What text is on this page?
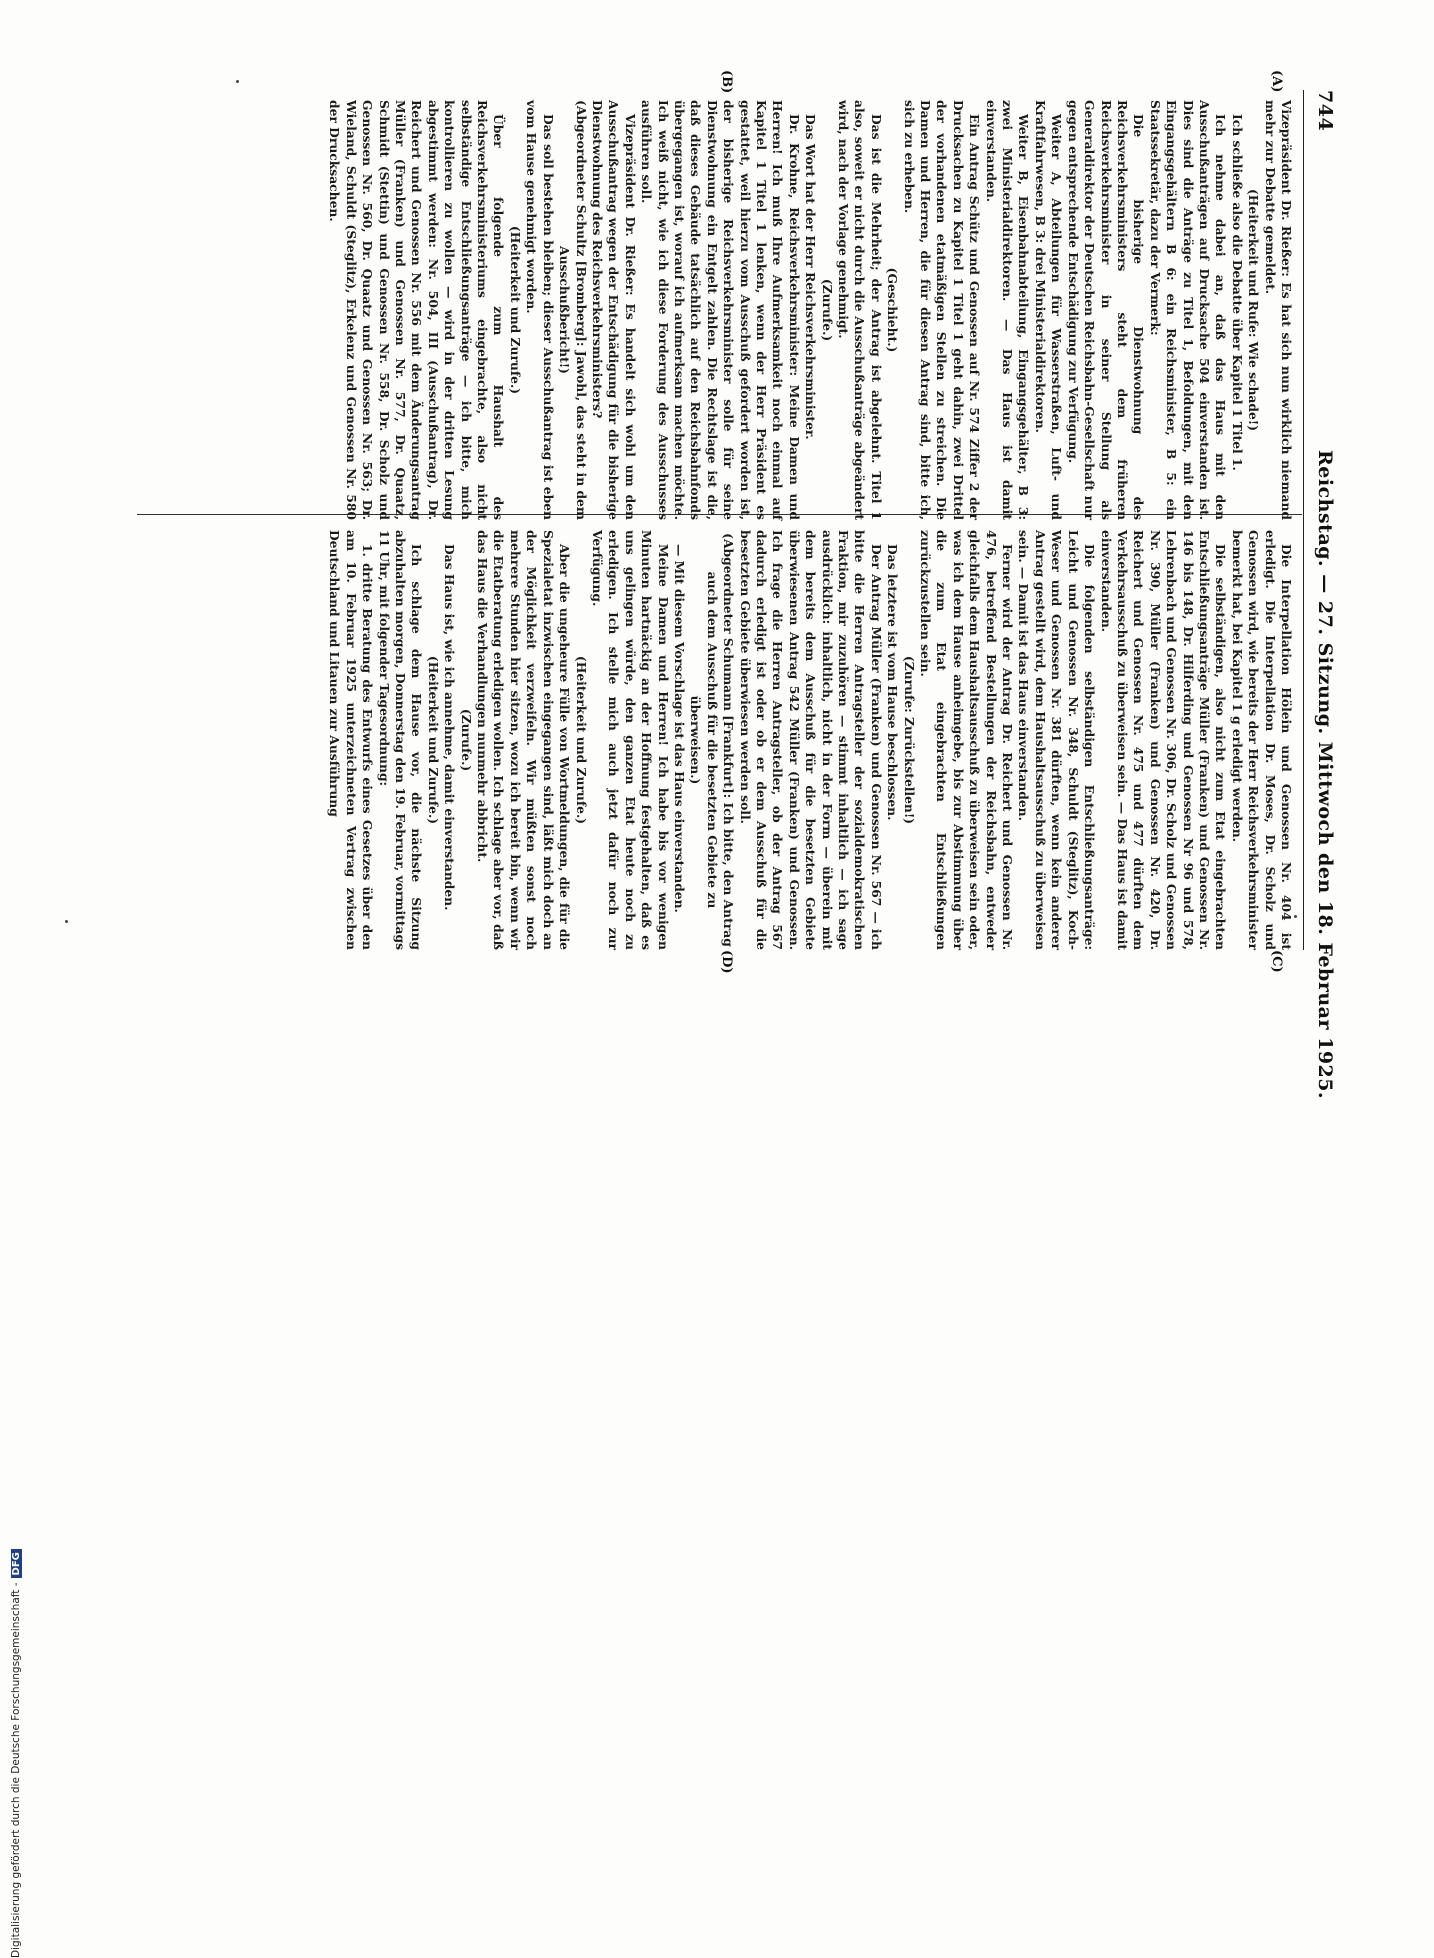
744
Reichstag. — 27. Sitzung. Mittwoch den 18. Februar 1925.
(A)
(B)
(C)
(D)

Vizepräsident Dr. Rießer: Es hat sich nun wirklich niemand mehr zur Debatte gemeldet.

(Heiterkeit und Rufe: Wie schade!)

Ich schließe also die Debatte über Kapitel 1 Titel 1.

Ich nehme dabei an, daß das Haus mit den Ausschußanträgen auf Drucksache 504 einverstanden ist. Dies sind die Anträge zu Titel 1, Befoldungen, mit den Eingangsgehältern B 6: ein Reichsminister, B 5: ein Staatssekretär, dazu der Vermerk:

Die bisherige Dienstwohnung des Reichsverkehrsministers steht dem früheren Reichsverkehrsminister in seiner Stellung als Generaldirektor der Deutschen Reichsbahn-Gesellschaft nur gegen entsprechende Entschädigung zur Verfügung.

Weiter A, Abteilungen für Wasserstraßen, Luft- und Kraftfahrwesen, B 3: drei Ministerialdirektoren.

Weiter B, Eisenbahnabteilung, Eingangsgehälter, B 3: zwei Ministerialdirektoren. — Das Haus ist damit einverstanden.

Ein Antrag Schütz und Genossen auf Nr. 574 Ziffer 2 der Drucksachen zu Kapitel 1 Titel 1 geht dahin, zwei Drittel der vorhandenen etatmäßigen Stellen zu streichen. Die Damen und Herren, die für diesen Antrag sind, bitte ich, sich zu erheben.

(Geschieht.)

Das ist die Mehrheit; der Antrag ist abgelehnt. Titel 1 also, soweit er nicht durch die Ausschußanträge abgeändert wird, nach der Vorlage genehmigt.

(Zurufe.)

Das Wort hat der Herr Reichsverkehrsminister.

Dr. Krohne, Reichsverkehrsminister: Meine Damen und Herren! Ich muß Ihre Aufmerksamkeit noch einmal auf Kapitel 1 Titel 1 lenken, wenn der Herr Präsident es gestattet, weil hierzu vom Ausschuß gefordert worden ist, der bisherige Reichsverkehrsminister solle für seine Dienstwohnung ein Entgelt zahlen. Die Rechtslage ist die, daß dieses Gebäude tatsächlich auf den Reichsbahnfonds übergegangen ist, worauf ich aufmerksam machen möchte. Ich weiß nicht, wie ich diese Forderung des Ausschusses ausführen soll.

Vizepräsident Dr. Rießer: Es handelt sich wohl um den Ausschußantrag wegen der Entschädigung für die bisherige Dienstwohnung des Reichsverkehrsministers?

(Abgeordneter Schultz [Bromberg]: Jawohl, das steht in dem Ausschußbericht!)

Das soll bestehen bleiben; dieser Ausschußantrag ist eben vom Hause genehmigt worden.

(Heiterkeit und Zurufe.)

Über folgende zum Haushalt des Reichsverkehrsministeriums eingebrachte, also nicht selbständige Entschließungsanträge — ich bitte, mich kontrollieren zu wollen — wird in der dritten Lesung abgestimmt werden: Nr. 504, III (Ausschußantrag), Dr. Reichert und Genossen Nr. 556 mit dem Änderungsantrag Müller (Franken) und Genossen Nr. 577, Dr. Quaatz, Schmidt (Stettin) und Genossen Nr. 558, Dr. Scholz und Genossen Nr. 560, Dr. Quaatz und Genossen Nr. 563; Dr. Wieland, Schuldt (Steglitz), Erkelenz und Genossen Nr. 580 der Drucksachen.

Die Interpellation Hölein und Genossen Nr. 404 ist erledigt. Die Interpellation Dr. Moses, Dr. Scholz und Genossen wird, wie bereits der Herr Reichsverkehrsminister bemerkt hat, bei Kapitel 1 g erledigt werden.

Die selbständigen, also nicht zum Etat eingebrachten Entschließungsanträge Müller (Franken) und Genossen Nr. 146 bis 148, Dr. Hilferding und Genossen Nr 96 und 578, Lehrenbach und Genossen Nr. 306, Dr. Scholz und Genossen Nr. 390, Müller (Franken) und Genossen Nr. 420, Dr. Reichert und Genossen Nr. 475 und 477 dürften dem Verkehrsausschuß zu überweisen sein. — Das Haus ist damit einverstanden.

Die folgenden selbständigen Entschließungsanträge: Leicht und Genossen Nr. 348, Schuldt (Steglitz), Koch-Weser und Genossen Nr. 381 dürften, wenn kein anderer Antrag gestellt wird, dem Haushaltsausschuß zu überweisen sein. — Damit ist das Haus einverstanden.

Ferner wird der Antrag Dr. Reichert und Genossen Nr. 476, betreffend Bestellungen der Reichsbahn, entweder gleichfalls dem Haushaltsausschuß zu überweisen sein oder, was ich dem Hause anheimgebe, bis zur Abstimmung über die zum Etat eingebrachten Entschließungen zurückzustellen sein.

(Zurufe: Zurückstellen!)

Das letztere ist vom Hause beschlossen.

Der Antrag Müller (Franken) und Genossen Nr. 567 — ich bitte die Herren Antragsteller der sozialdemokratischen Fraktion, mir zuzuhören — stimmt inhaltlich — ich sage ausdrücklich: inhaltlich, nicht in der Form — überein mit dem bereits dem Ausschuß für die besetzten Gebiete überwiesenen Antrag 542 Müller (Franken) und Genossen. Ich frage die Herren Antragsteller, ob der Antrag 567 dadurch erledigt ist oder ob er dem Ausschuß für die besetzten Gebiete überwiesen werden soll.

(Abgeordneter Schumann [Frankfurt]: Ich bitte, den Antrag auch dem Ausschuß für die besetzten Gebiete zu überweisen.)

— Mit diesem Vorschlage ist das Haus einverstanden.

Meine Damen und Herren! Ich habe bis vor wenigen Minuten hartnäckig an der Hoffnung festgehalten, daß es uns gelingen würde, den ganzen Etat heute noch zu erledigen. Ich stelle mich auch jetzt dafür noch zur Verfügung.

(Heiterkeit und Zurufe.)

Aber die ungeheure Fülle von Wortmeldungen, die für die Spezialetat inzwischen eingegangen sind, läßt mich doch an der Möglichkeit verzweifeln. Wir müßten sonst noch mehrere Stunden hier sitzen, wozu ich bereit bin, wenn wir die Etatberatung erledigen wollen. Ich schlage aber vor, daß das Haus die Verhandlungen nunmehr abbricht.

(Zurufe.)

Das Haus ist, wie ich annehme, damit einverstanden.

(Heiterkeit und Zurufe.)

Ich schlage dem Hause vor, die nächste Sitzung abzuhalten morgen, Donnerstag den 19. Februar, vormittags 11 Uhr, mit folgender Tagesordnung:

1. dritte Beratung des Entwurfs eines Gesetzes über den am 10. Februar 1925 unterzeichneten Vertrag zwischen Deutschland und Litauen zur Ausführung

Digitalisierung gefördert durch die Deutsche Forschungsgemeinschaft -DFG
